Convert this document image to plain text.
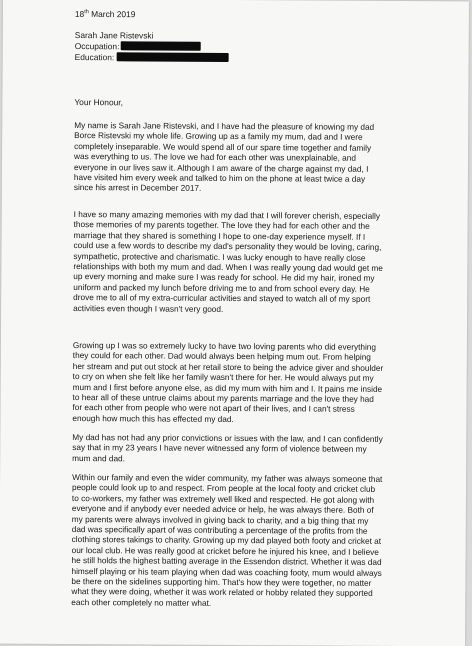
18th March 2019
Sarah Jane Ristevski
Occupation:
Education:
Your Honour,
My name is Sarah Jane Ristevski, and I have had the pleasure of knowing my dad
Borce Ristevski my whole life. Growing up as a family my mum, dad and I were
completely inseparable. We would spend all of our spare time together and family
was everything to us. The love we had for each other was unexplainable, and
everyone in our lives saw it. Although I am aware of the charge against my dad, I
have visited him every week and talked to him on the phone at least twice a day
since his arrest in December 2017.
I have so many amazing memories with my dad that I will forever cherish, especially
those memories of my parents together. The love they had for each other and the
marriage that they shared is something I hope to one-day experience myself. If I
could use a few words to describe my dad's personality they would be loving, caring,
sympathetic, protective and charismatic. I was lucky enough to have really close
relationships with both my mum and dad. When I was really young dad would get me
up every morning and make sure I was ready for school. He did my hair, ironed my
uniform and packed my lunch before driving me to and from school every day. He
drove me to all of my extra-curricular activities and stayed to watch all of my sport
activities even though I wasn't very good.
Growing up I was so extremely lucky to have two loving parents who did everything
they could for each other. Dad would always been helping mum out. From helping
her stream and put out stock at her retail store to being the advice giver and shoulder
to cry on when she felt like her family wasn't there for her. He would always put my
mum and I first before anyone else, as did my mum with him and I. It pains me inside
to hear all of these untrue claims about my parents marriage and the love they had
for each other from people who were not apart of their lives, and I can't stress
enough how much this has effected my dad.
My dad has not had any prior convictions or issues with the law, and I can confidently
say that in my 23 years I have never witnessed any form of violence between my
mum and dad.
Within our family and even the wider community, my father was always someone that
people could look up to and respect. From people at the local footy and cricket club
to co-workers, my father was extremely well liked and respected. He got along with
everyone and if anybody ever needed advice or help, he was always there. Both of
my parents were always involved in giving back to charity, and a big thing that my
dad was specifically apart of was contributing a percentage of the profits from the
clothing stores takings to charity. Growing up my dad played both footy and cricket at
our local club. He was really good at cricket before he injured his knee, and I believe
he still holds the highest batting average in the Essendon district. Whether it was dad
himself playing or his team playing when dad was coaching footy, mum would always
be there on the sidelines supporting him. That's how they were together, no matter
what they were doing, whether it was work related or hobby related they supported
each other completely no matter what.
